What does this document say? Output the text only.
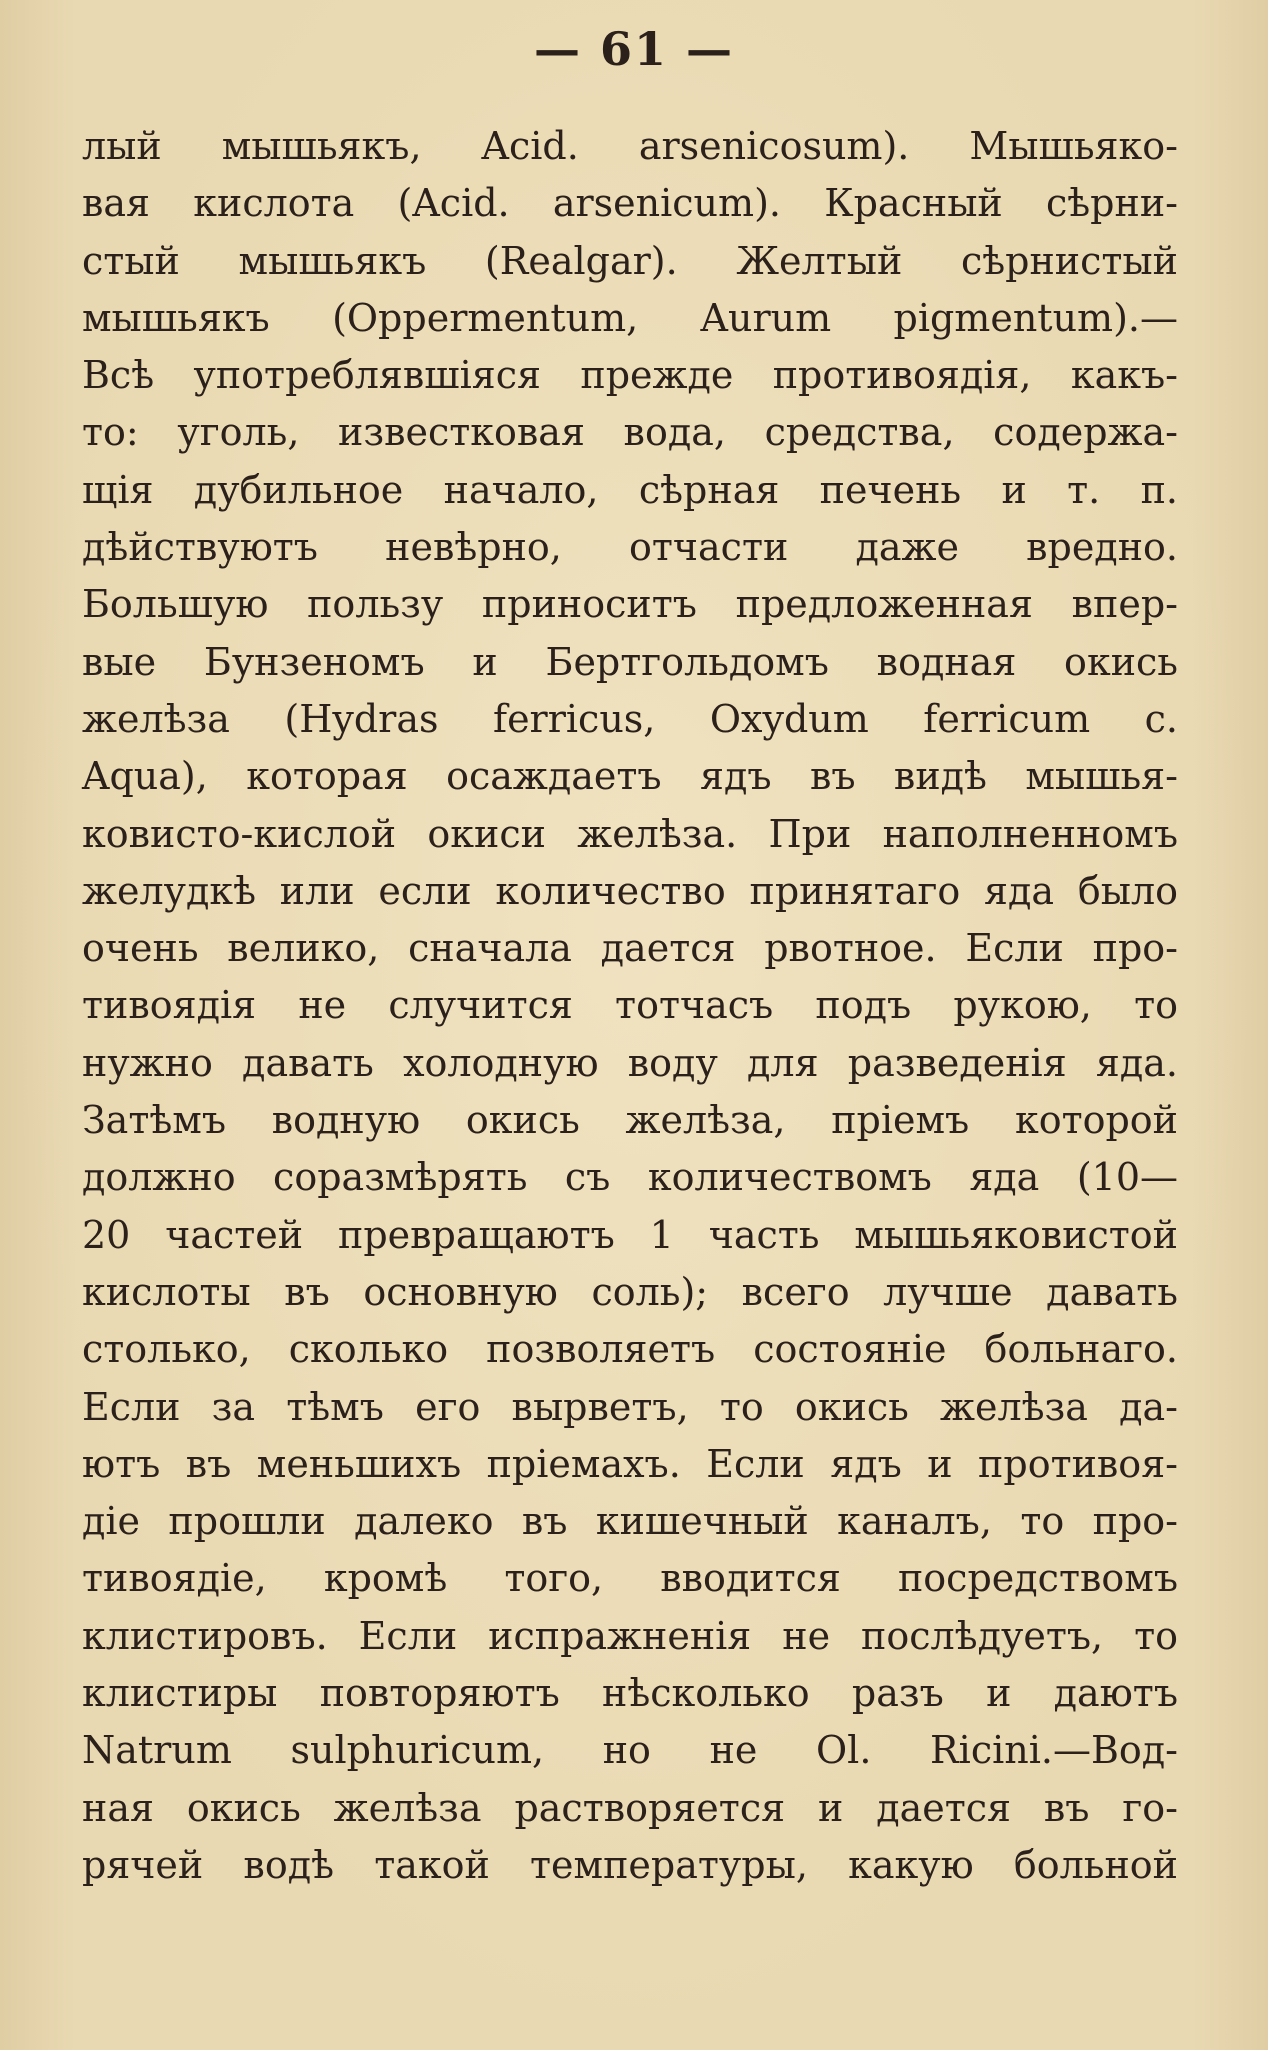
— 61 —
лый мышьякъ, Acid. arsenicosum). Мышьяко-
вая кислота (Acid. arsenicum). Красный сѣрни-
стый мышьякъ (Realgar). Желтый сѣрнистый
мышьякъ (Oppermentum, Aurum pigmentum).—
Всѣ употреблявшіяся прежде противоядія, какъ-
то: уголь, известковая вода, средства, содержа-
щія дубильное начало, сѣрная печень и т. п.
дѣйствуютъ невѣрно, отчасти даже вредно.
Большую пользу приноситъ предложенная впер-
вые Бунзеномъ и Бертгольдомъ водная окись
желѣза (Hydras ferricus, Oxydum ferricum c.
Aqua), которая осаждаетъ ядъ въ видѣ мышья-
ковисто-кислой окиси желѣза. При наполненномъ
желудкѣ или если количество принятаго яда было
очень велико, сначала дается рвотное. Если про-
тивоядія не случится тотчасъ подъ рукою, то
нужно давать холодную воду для разведенія яда.
Затѣмъ водную окись желѣза, пріемъ которой
должно соразмѣрять съ количествомъ яда (10—
20 частей превращаютъ 1 часть мышьяковистой
кислоты въ основную соль); всего лучше давать
столько, сколько позволяетъ состояніе больнаго.
Если за тѣмъ его вырветъ, то окись желѣза да-
ютъ въ меньшихъ пріемахъ. Если ядъ и противоя-
діе прошли далеко въ кишечный каналъ, то про-
тивоядіе, кромѣ того, вводится посредствомъ
клистировъ. Если испражненія не послѣдуетъ, то
клистиры повторяютъ нѣсколько разъ и даютъ
Natrum sulphuricum, но не Ol. Ricini.—Вод-
ная окись желѣза растворяется и дается въ го-
рячей водѣ такой температуры, какую больной
